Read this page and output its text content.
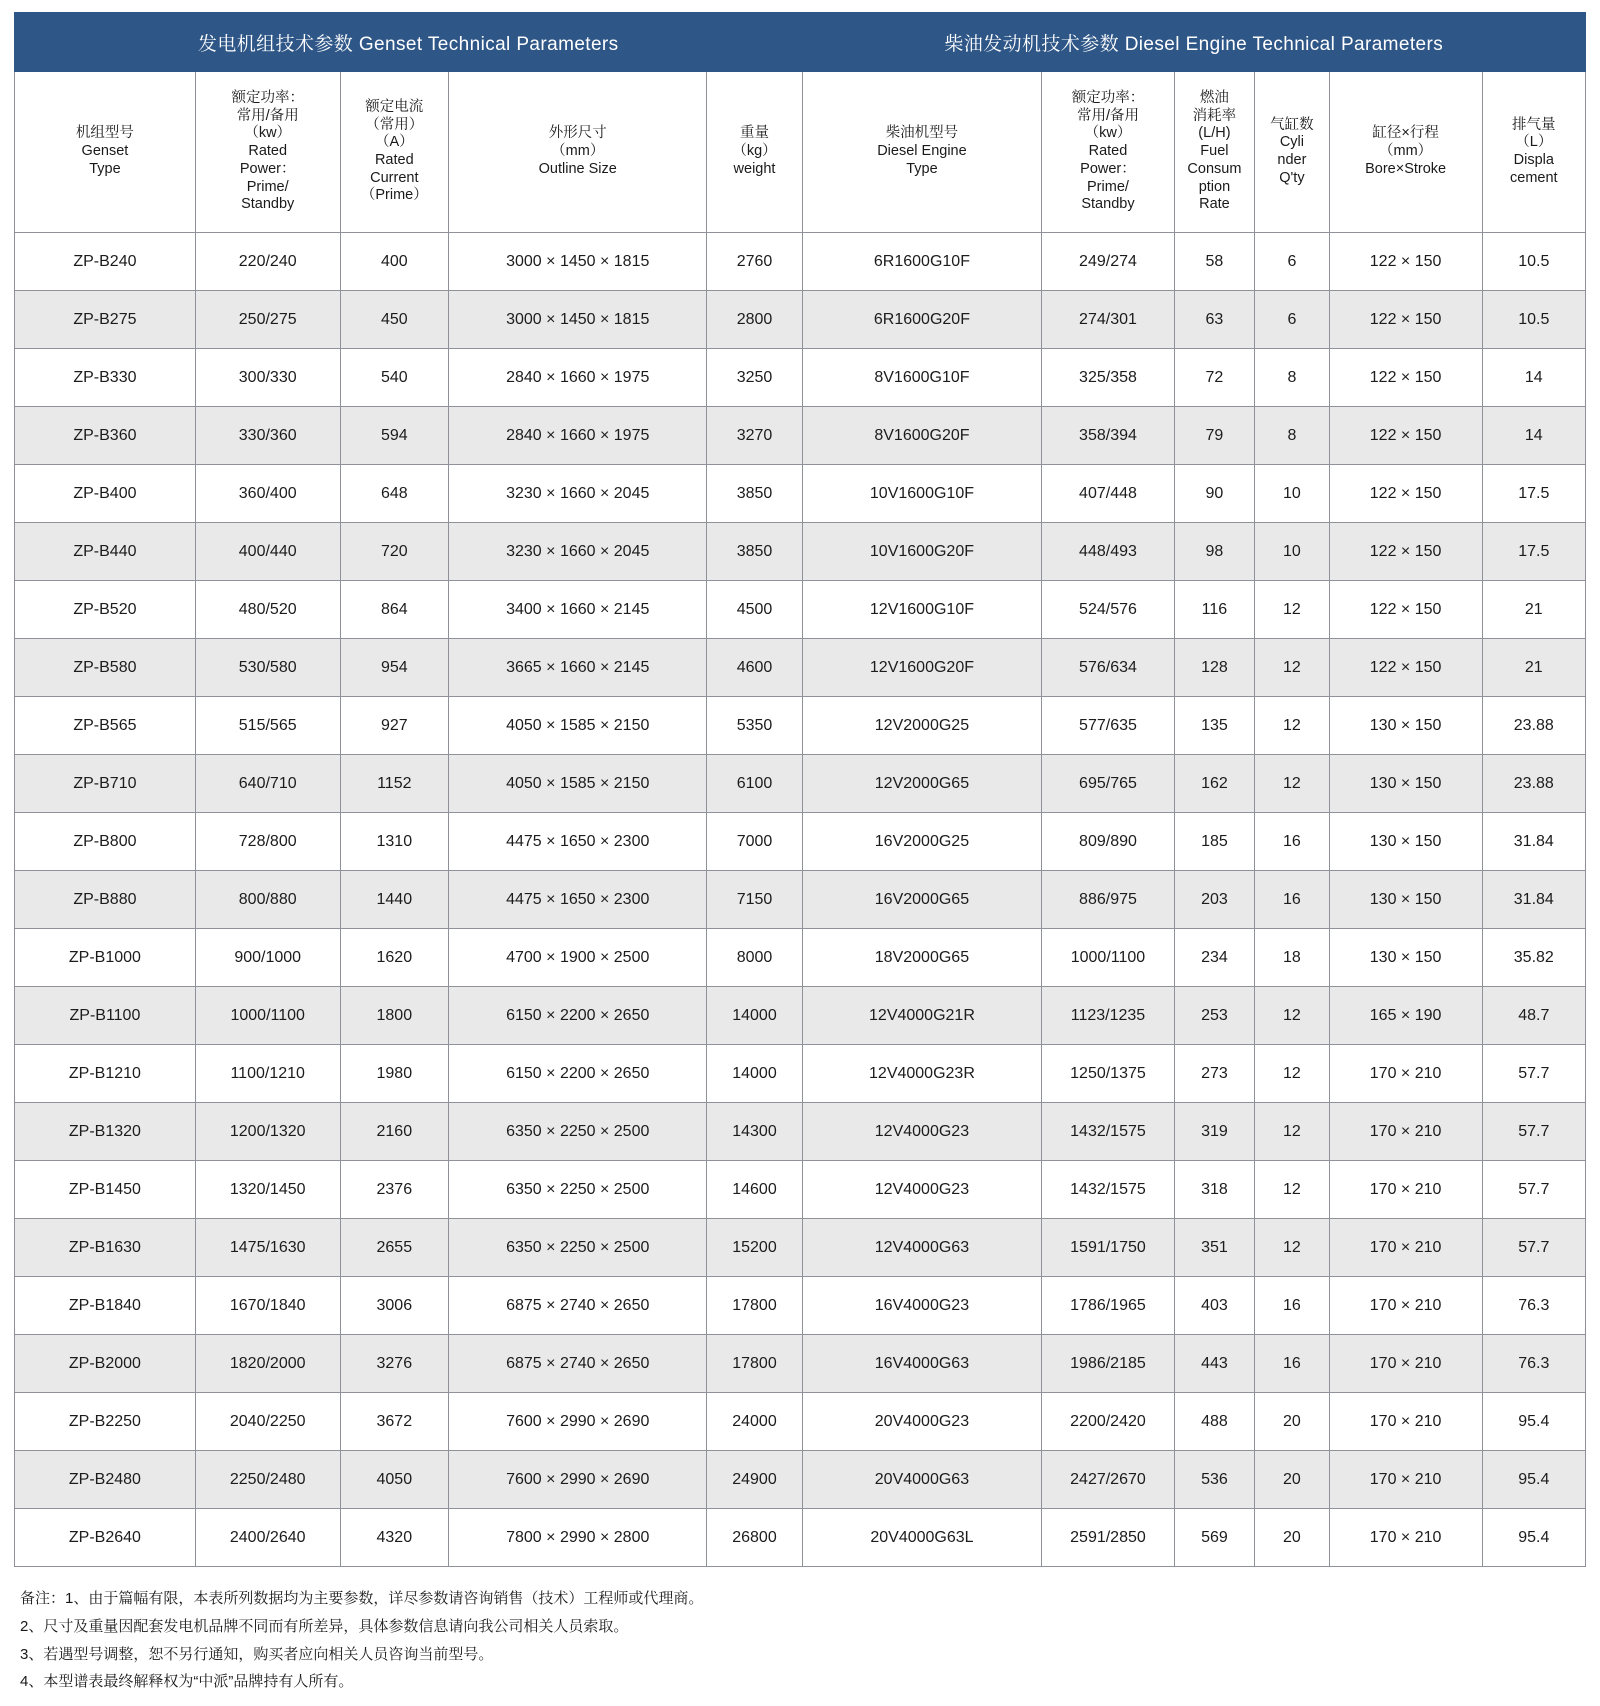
发电机组技术参数 Genset Technical Parameters					柴油发动机技术参数 Diesel Engine Technical Parameters					

机组型号
Genset
Type

额定功率：
常用/备用
（kw）
Rated
Power：
Prime/
Standby

额定电流
（常用）
（A）
Rated
Current
（Prime）

外形尺寸
（mm）
Outline Size

重量
（kg）
weight

柴油机型号
Diesel Engine
Type

额定功率：
常用/备用
（kw）
Rated
Power：
Prime/
Standby

燃油
消耗率
(L/H)
Fuel
Consum
ption
Rate

气缸数
Cyli
nder
Q'ty

缸径×行程
（mm）
Bore×Stroke

排气量
（L）
Displa
cement

ZP-B240	220/240	400	3000 × 1450 × 1815	2760	6R1600G10F	249/274	58	6	122 × 150	10.5
ZP-B275	250/275	450	3000 × 1450 × 1815	2800	6R1600G20F	274/301	63	6	122 × 150	10.5
ZP-B330	300/330	540	2840 × 1660 × 1975	3250	8V1600G10F	325/358	72	8	122 × 150	14
ZP-B360	330/360	594	2840 × 1660 × 1975	3270	8V1600G20F	358/394	79	8	122 × 150	14
ZP-B400	360/400	648	3230 × 1660 × 2045	3850	10V1600G10F	407/448	90	10	122 × 150	17.5
ZP-B440	400/440	720	3230 × 1660 × 2045	3850	10V1600G20F	448/493	98	10	122 × 150	17.5
ZP-B520	480/520	864	3400 × 1660 × 2145	4500	12V1600G10F	524/576	116	12	122 × 150	21
ZP-B580	530/580	954	3665 × 1660 × 2145	4600	12V1600G20F	576/634	128	12	122 × 150	21
ZP-B565	515/565	927	4050 × 1585 × 2150	5350	12V2000G25	577/635	135	12	130 × 150	23.88
ZP-B710	640/710	1152	4050 × 1585 × 2150	6100	12V2000G65	695/765	162	12	130 × 150	23.88
ZP-B800	728/800	1310	4475 × 1650 × 2300	7000	16V2000G25	809/890	185	16	130 × 150	31.84
ZP-B880	800/880	1440	4475 × 1650 × 2300	7150	16V2000G65	886/975	203	16	130 × 150	31.84
ZP-B1000	900/1000	1620	4700 × 1900 × 2500	8000	18V2000G65	1000/1100	234	18	130 × 150	35.82
ZP-B1100	1000/1100	1800	6150 × 2200 × 2650	14000	12V4000G21R	1123/1235	253	12	165 × 190	48.7
ZP-B1210	1100/1210	1980	6150 × 2200 × 2650	14000	12V4000G23R	1250/1375	273	12	170 × 210	57.7
ZP-B1320	1200/1320	2160	6350 × 2250 × 2500	14300	12V4000G23	1432/1575	319	12	170 × 210	57.7
ZP-B1450	1320/1450	2376	6350 × 2250 × 2500	14600	12V4000G23	1432/1575	318	12	170 × 210	57.7
ZP-B1630	1475/1630	2655	6350 × 2250 × 2500	15200	12V4000G63	1591/1750	351	12	170 × 210	57.7
ZP-B1840	1670/1840	3006	6875 × 2740 × 2650	17800	16V4000G23	1786/1965	403	16	170 × 210	76.3
ZP-B2000	1820/2000	3276	6875 × 2740 × 2650	17800	16V4000G63	1986/2185	443	16	170 × 210	76.3
ZP-B2250	2040/2250	3672	7600 × 2990 × 2690	24000	20V4000G23	2200/2420	488	20	170 × 210	95.4
ZP-B2480	2250/2480	4050	7600 × 2990 × 2690	24900	20V4000G63	2427/2670	536	20	170 × 210	95.4
ZP-B2640	2400/2640	4320	7800 × 2990 × 2800	26800	20V4000G63L	2591/2850	569	20	170 × 210	95.4
备注：1、由于篇幅有限，本表所列数据均为主要参数，详尽参数请咨询销售（技术）工程师或代理商。
2、尺寸及重量因配套发电机品牌不同而有所差异，具体参数信息请向我公司相关人员索取。
3、若遇型号调整，恕不另行通知，购买者应向相关人员咨询当前型号。
4、本型谱表最终解释权为“中派”品牌持有人所有。
